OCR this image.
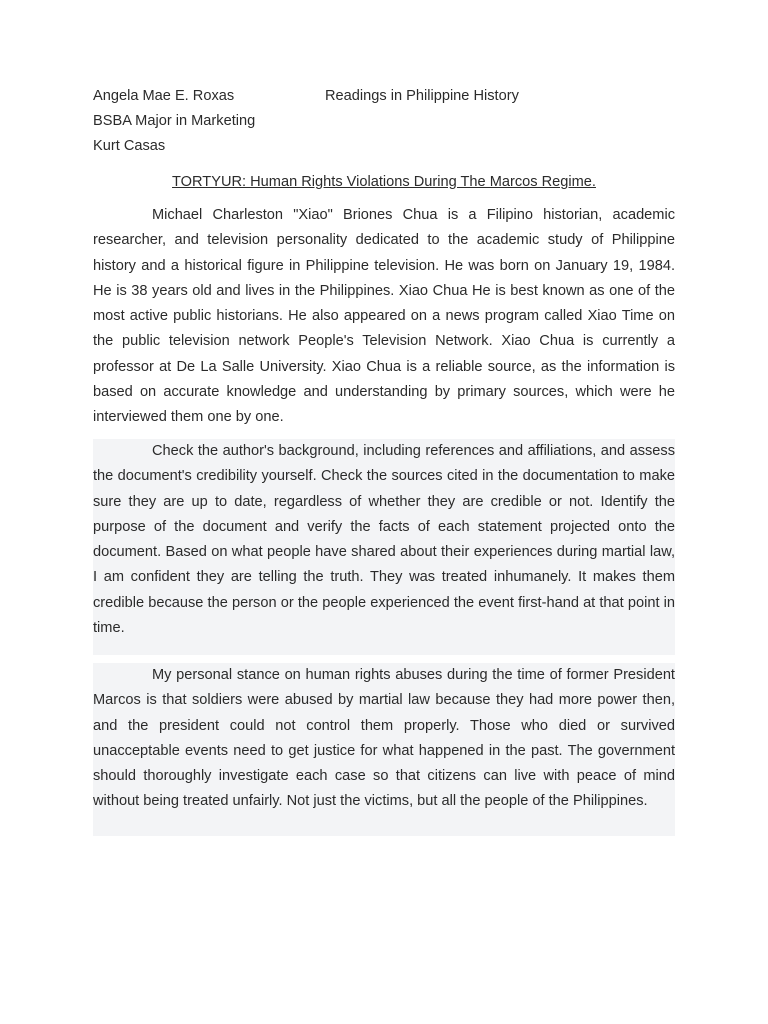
Angela Mae E. Roxas	Readings in Philippine History
BSBA Major in Marketing
Kurt Casas
TORTYUR: Human Rights Violations During The Marcos Regime.

Michael Charleston "Xiao" Briones Chua is a Filipino historian, academic researcher, and television personality dedicated to the academic study of Philippine history and a historical figure in Philippine television. He was born on January 19, 1984. He is 38 years old and lives in the Philippines. Xiao Chua He is best known as one of the most active public historians. He also appeared on a news program called Xiao Time on the public television network People's Television Network. Xiao Chua is currently a professor at De La Salle University. Xiao Chua is a reliable source, as the information is based on accurate knowledge and understanding by primary sources, which were he interviewed them one by one.

Check the author's background, including references and affiliations, and assess the document's credibility yourself. Check the sources cited in the documentation to make sure they are up to date, regardless of whether they are credible or not. Identify the purpose of the document and verify the facts of each statement projected onto the document. Based on what people have shared about their experiences during martial law, I am confident they are telling the truth. They was treated inhumanely. It makes them credible because the person or the people experienced the event first-hand at that point in time.

My personal stance on human rights abuses during the time of former President Marcos is that soldiers were abused by martial law because they had more power then, and the president could not control them properly. Those who died or survived unacceptable events need to get justice for what happened in the past. The government should thoroughly investigate each case so that citizens can live with peace of mind without being treated unfairly. Not just the victims, but all the people of the Philippines.
